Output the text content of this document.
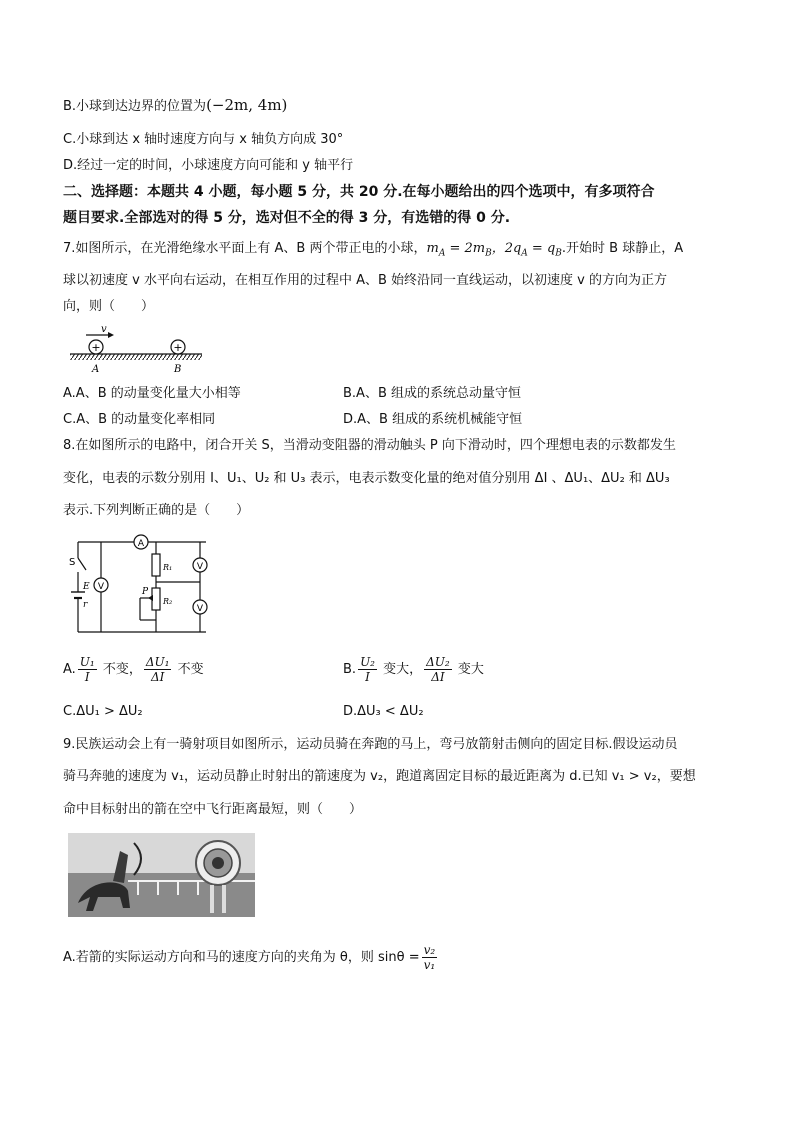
B.小球到达边界的位置为(−2m, 4m)
C.小球到达 x 轴时速度方向与 x 轴负方向成 30°
D.经过一定的时间，小球速度方向可能和 y 轴平行
二、选择题：本题共 4 小题，每小题 5 分，共 20 分.在每小题给出的四个选项中，有多项符合
题目要求.全部选对的得 5 分，选对但不全的得 3 分，有选错的得 0 分.
7.如图所示，在光滑绝缘水平面上有 A、B 两个带正电的小球，$m_A = 2m_B$，$2q_A = q_B$.开始时 B 球静止，A
球以初速度 v 水平向右运动，在相互作用的过程中 A、B 始终沿同一直线运动，以初速度 v 的方向为正方
向，则（　　）
+	+
v
A	B
A.A、B 的动量变化量大小相等	B.A、B 组成的系统总动量守恒
C.A、B 的动量变化率相同	D.A、B 组成的系统机械能守恒
8.在如图所示的电路中，闭合开关 S，当滑动变阻器的滑动触头 P 向下滑动时，四个理想电表的示数都发生
变化，电表的示数分别用 I、U₁、U₂ 和 U₃ 表示，电表示数变化量的绝对值分别用 ΔI 、ΔU₁、ΔU₂ 和 ΔU₃
表示.下列判断正确的是（　　）
A
V
V
V
S
E
r
R₁
R₂
P
A. $\frac{\text{U₁}}{I}$ 不变， $\frac{\text{ΔU₁}}{\Delta I}$ 不变	B. $\frac{\text{U₂}}{I}$ 变大， $\frac{\text{ΔU₂}}{\Delta I}$ 变大
C.ΔU₁ > ΔU₂	D.ΔU₃ < ΔU₂
9.民族运动会上有一骑射项目如图所示，运动员骑在奔跑的马上，弯弓放箭射击侧向的固定目标.假设运动员
骑马奔驰的速度为 v₁，运动员静止时射出的箭速度为 v₂，跑道离固定目标的最近距离为 d.已知 v₁ > v₂，要想
命中目标射出的箭在空中飞行距离最短，则（　　）
A.若箭的实际运动方向和马的速度方向的夹角为 θ，则 $\sin\theta = \frac{\text{v₂}}{\text{v₁}}$
